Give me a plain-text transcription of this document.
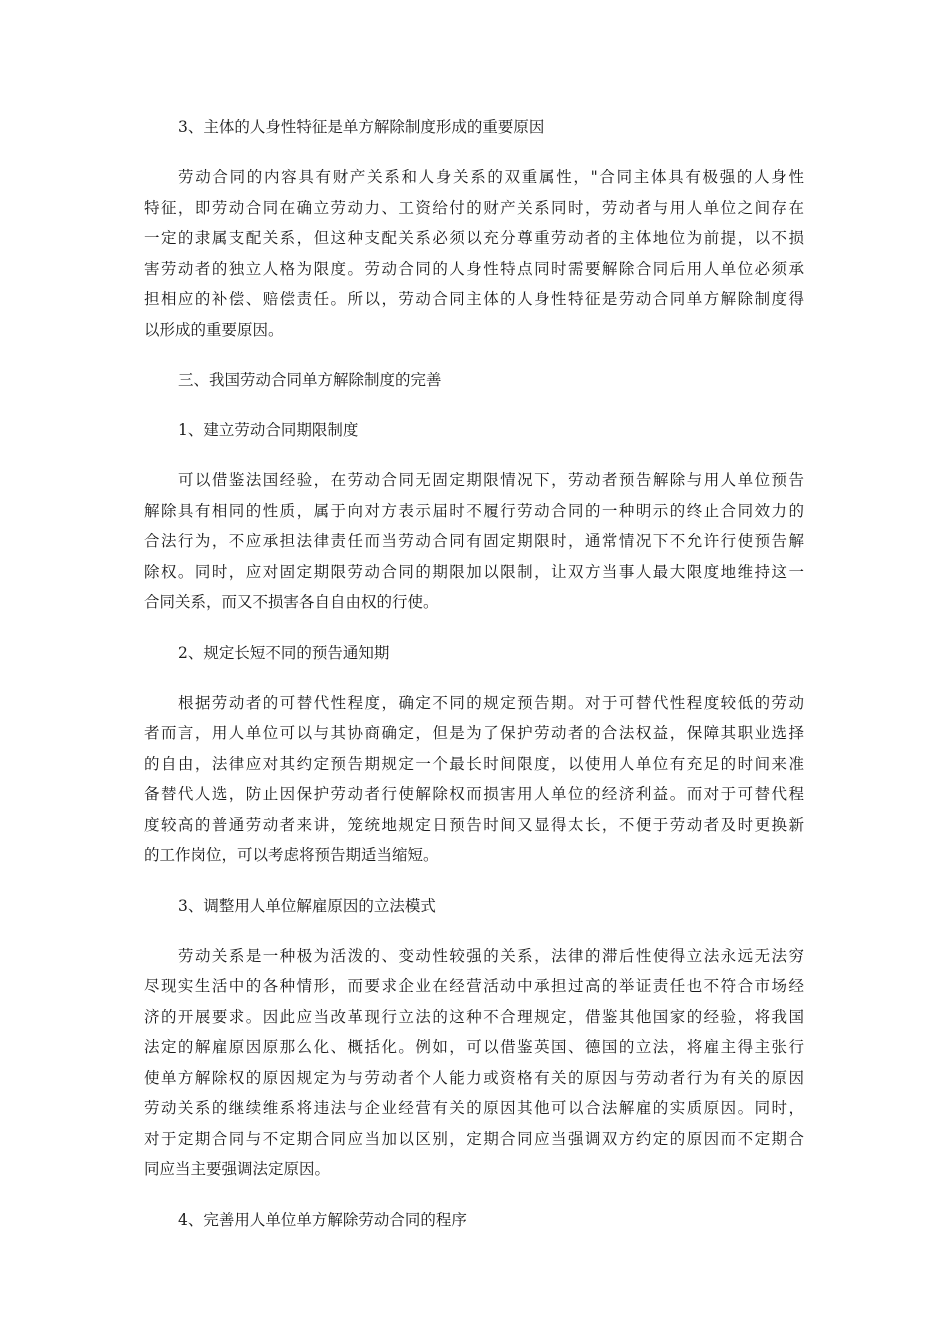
3、主体的人身性特征是单方解除制度形成的重要原因

劳动合同的内容具有财产关系和人身关系的双重属性，"合同主体具有极强的人身性
特征，即劳动合同在确立劳动力、工资给付的财产关系同时，劳动者与用人单位之间存在
一定的隶属支配关系，但这种支配关系必须以充分尊重劳动者的主体地位为前提，以不损
害劳动者的独立人格为限度。劳动合同的人身性特点同时需要解除合同后用人单位必须承
担相应的补偿、赔偿责任。所以，劳动合同主体的人身性特征是劳动合同单方解除制度得
以形成的重要原因。

三、我国劳动合同单方解除制度的完善

1、建立劳动合同期限制度

可以借鉴法国经验，在劳动合同无固定期限情况下，劳动者预告解除与用人单位预告
解除具有相同的性质，属于向对方表示届时不履行劳动合同的一种明示的终止合同效力的
合法行为，不应承担法律责任而当劳动合同有固定期限时，通常情况下不允许行使预告解
除权。同时，应对固定期限劳动合同的期限加以限制，让双方当事人最大限度地维持这一
合同关系，而又不损害各自自由权的行使。

2、规定长短不同的预告通知期

根据劳动者的可替代性程度，确定不同的规定预告期。对于可替代性程度较低的劳动
者而言，用人单位可以与其协商确定，但是为了保护劳动者的合法权益，保障其职业选择
的自由，法律应对其约定预告期规定一个最长时间限度，以使用人单位有充足的时间来准
备替代人选，防止因保护劳动者行使解除权而损害用人单位的经济利益。而对于可替代程
度较高的普通劳动者来讲，笼统地规定日预告时间又显得太长，不便于劳动者及时更换新
的工作岗位，可以考虑将预告期适当缩短。

3、调整用人单位解雇原因的立法模式

劳动关系是一种极为活泼的、变动性较强的关系，法律的滞后性使得立法永远无法穷
尽现实生活中的各种情形，而要求企业在经营活动中承担过高的举证责任也不符合市场经
济的开展要求。因此应当改革现行立法的这种不合理规定，借鉴其他国家的经验，将我国
法定的解雇原因原那么化、概括化。例如，可以借鉴英国、德国的立法，将雇主得主张行
使单方解除权的原因规定为与劳动者个人能力或资格有关的原因与劳动者行为有关的原因
劳动关系的继续维系将违法与企业经营有关的原因其他可以合法解雇的实质原因。同时，
对于定期合同与不定期合同应当加以区别，定期合同应当强调双方约定的原因而不定期合
同应当主要强调法定原因。

4、完善用人单位单方解除劳动合同的程序
